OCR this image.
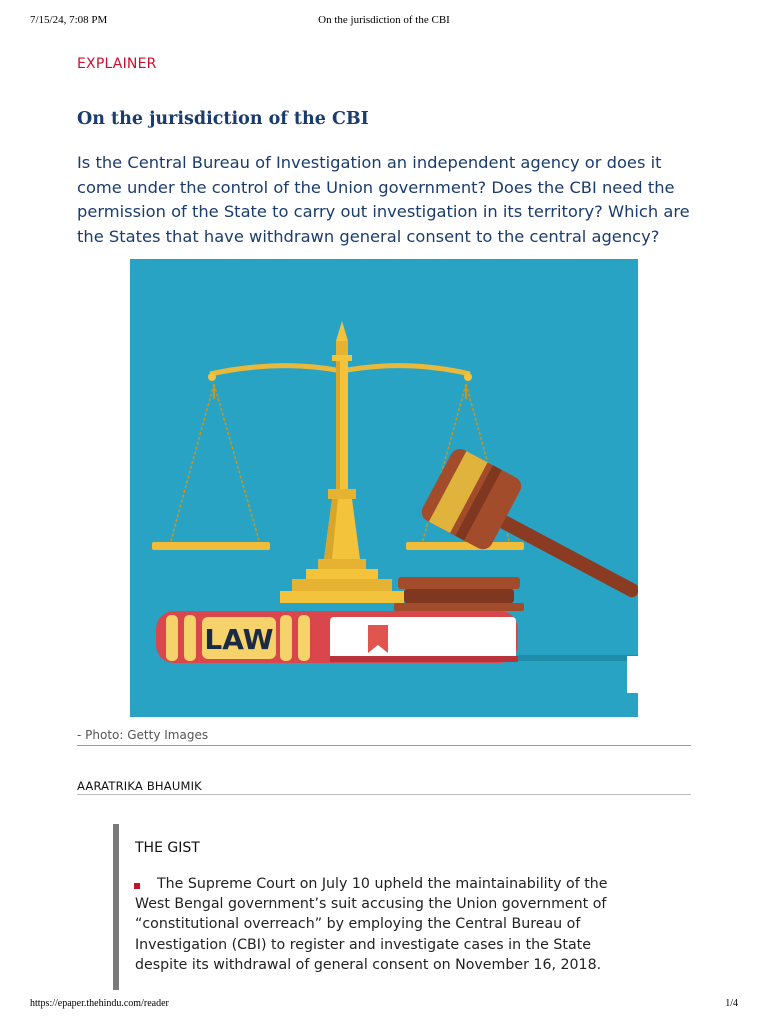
7/15/24, 7:08 PM	On the jurisdiction of the CBI
EXPLAINER
On the jurisdiction of the CBI
Is the Central Bureau of Investigation an independent agency or does it come under the control of the Union government? Does the CBI need the permission of the State to carry out investigation in its territory? Which are the States that have withdrawn general consent to the central agency?
LAW
- Photo: Getty Images
AARATRIKA BHAUMIK
THE GIST
The Supreme Court on July 10 upheld the maintainability of the West Bengal government’s suit accusing the Union government of “constitutional overreach” by employing the Central Bureau of Investigation (CBI) to register and investigate cases in the State despite its withdrawal of general consent on November 16, 2018.
https://epaper.thehindu.com/reader	1/4
